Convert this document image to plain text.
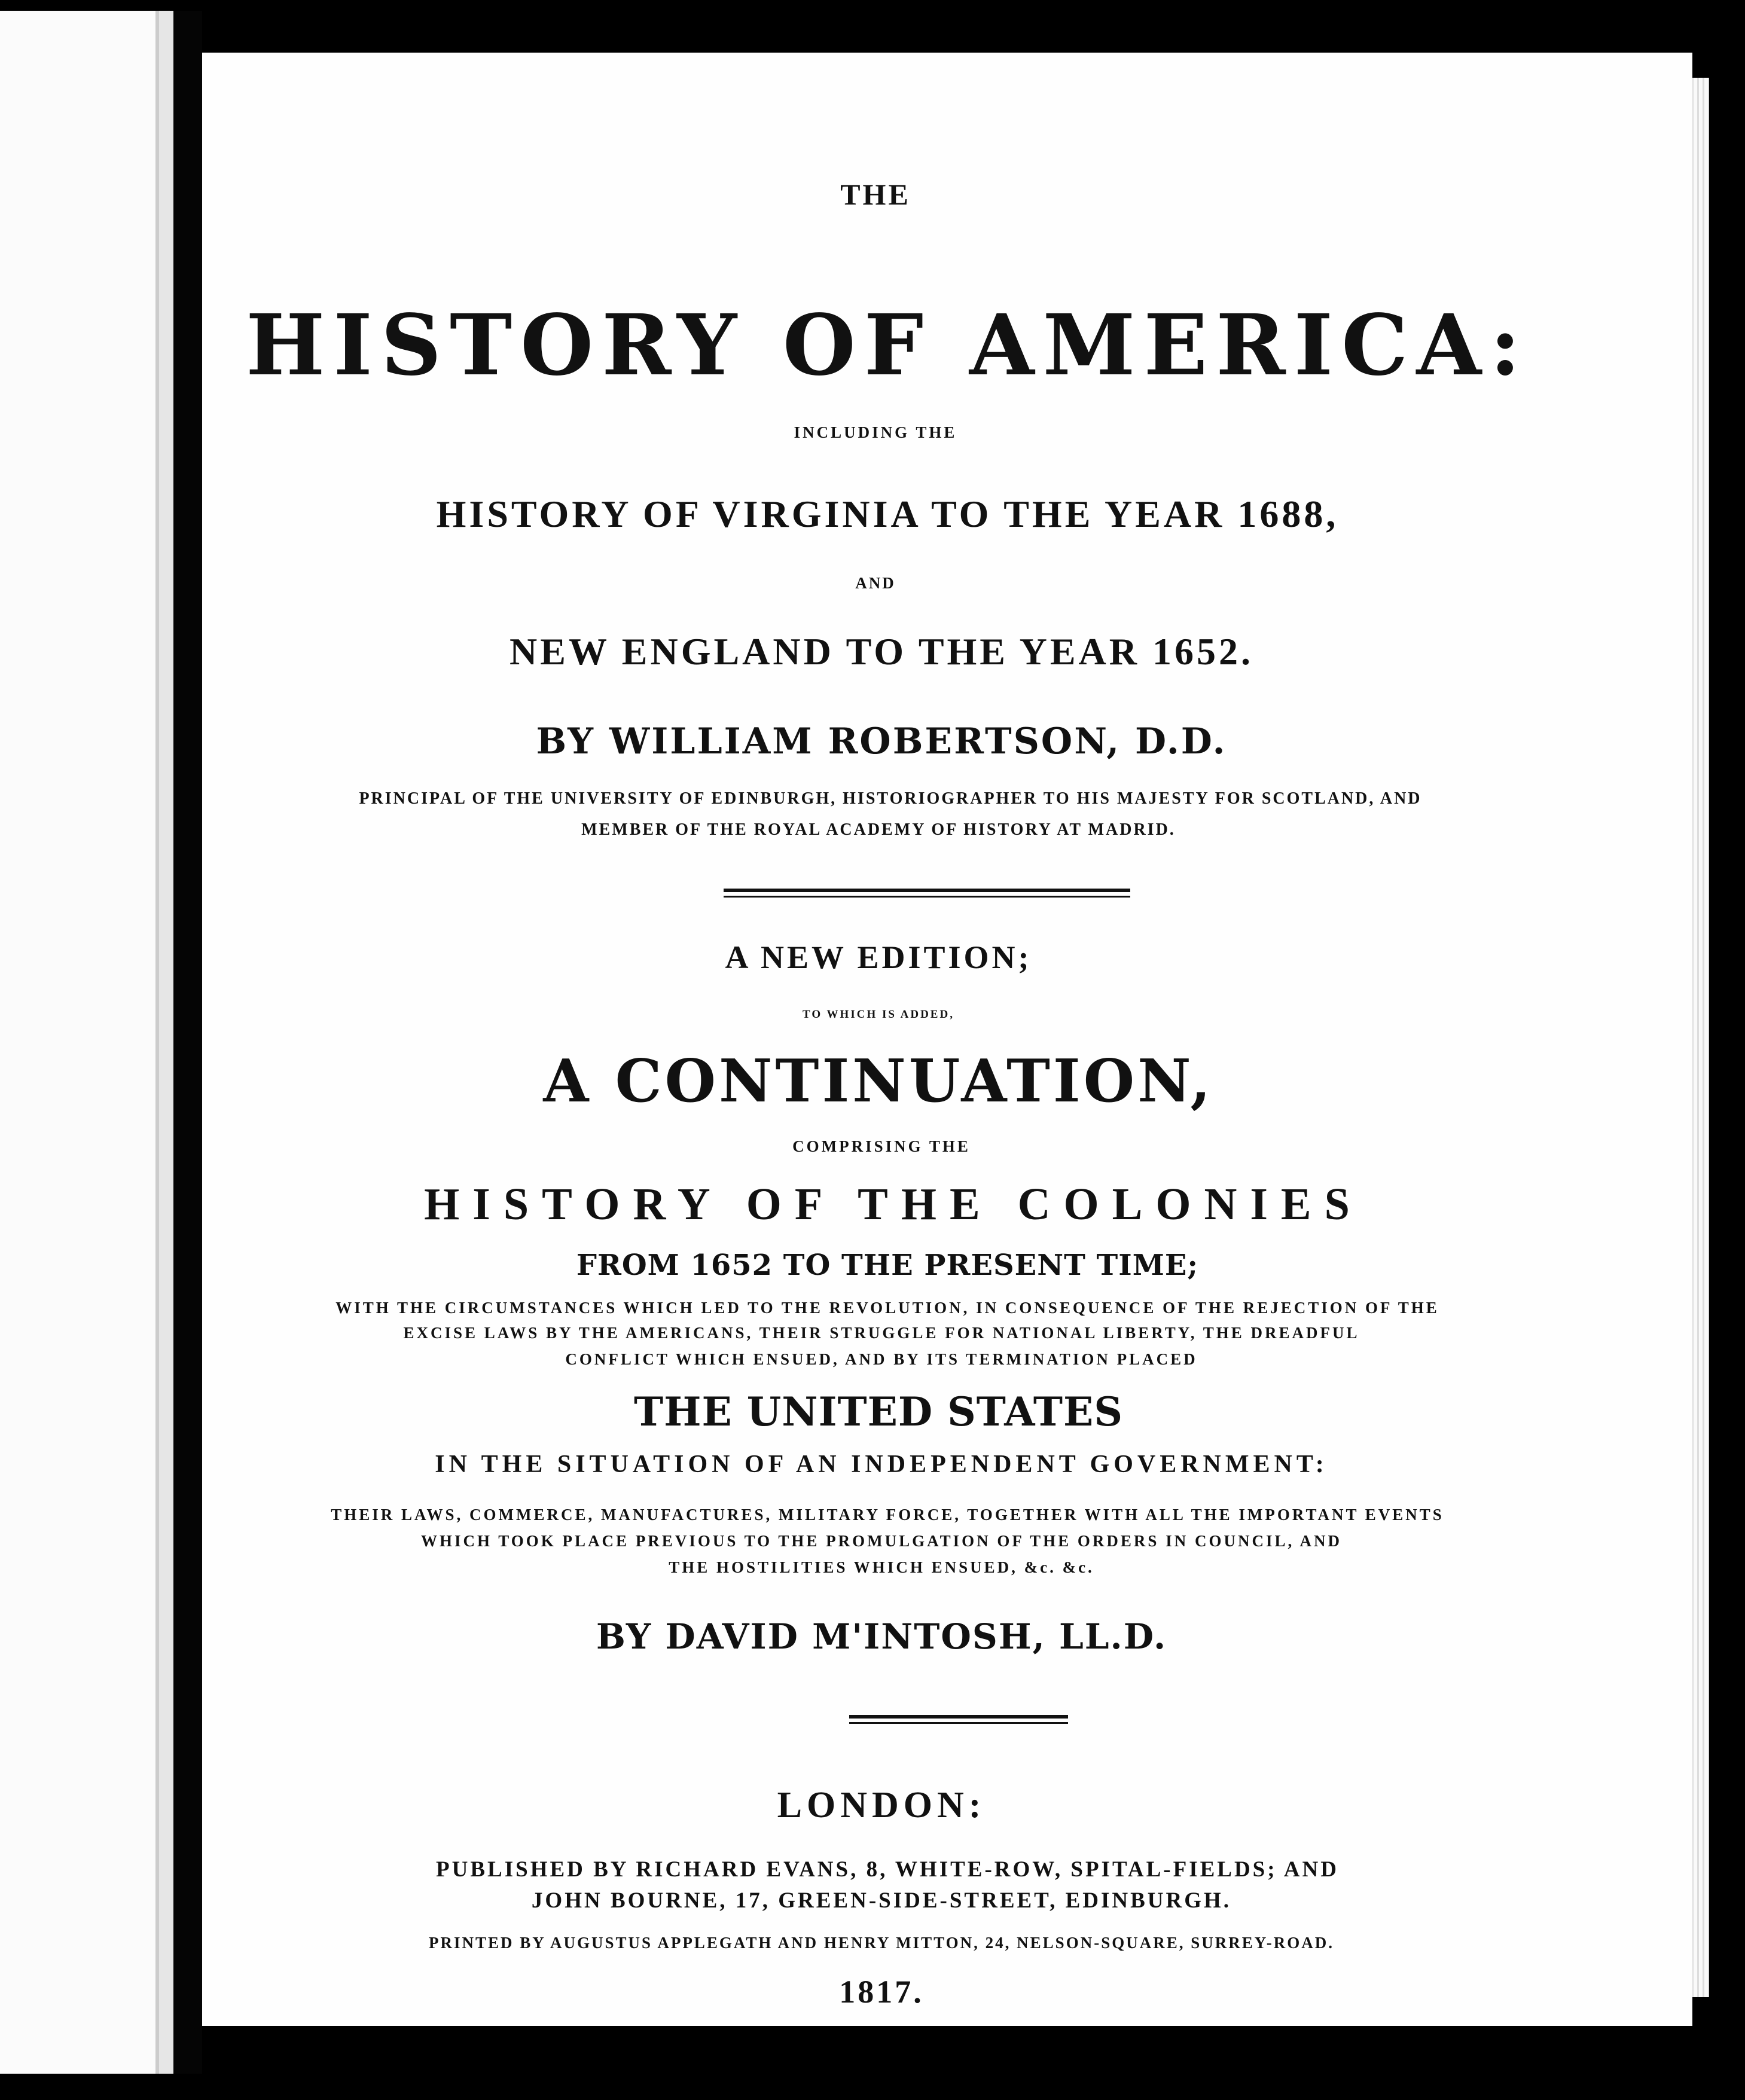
THE
HISTORY OF AMERICA:
INCLUDING THE
HISTORY OF VIRGINIA TO THE YEAR 1688,
AND
NEW ENGLAND TO THE YEAR 1652.
BY WILLIAM ROBERTSON, D.D.
PRINCIPAL OF THE UNIVERSITY OF EDINBURGH, HISTORIOGRAPHER TO HIS MAJESTY FOR SCOTLAND, AND
MEMBER OF THE ROYAL ACADEMY OF HISTORY AT MADRID.
A NEW EDITION;
TO WHICH IS ADDED,
A CONTINUATION,
COMPRISING THE
HISTORY OF THE COLONIES
FROM 1652 TO THE PRESENT TIME;
WITH THE CIRCUMSTANCES WHICH LED TO THE REVOLUTION, IN CONSEQUENCE OF THE REJECTION OF THE
EXCISE LAWS BY THE AMERICANS, THEIR STRUGGLE FOR NATIONAL LIBERTY, THE DREADFUL
CONFLICT WHICH ENSUED, AND BY ITS TERMINATION PLACED
THE UNITED STATES
IN THE SITUATION OF AN INDEPENDENT GOVERNMENT:
THEIR LAWS, COMMERCE, MANUFACTURES, MILITARY FORCE, TOGETHER WITH ALL THE IMPORTANT EVENTS
WHICH TOOK PLACE PREVIOUS TO THE PROMULGATION OF THE ORDERS IN COUNCIL, AND
THE HOSTILITIES WHICH ENSUED, &c. &c.
BY DAVID M'INTOSH, LL.D.
LONDON:
PUBLISHED BY RICHARD EVANS, 8, WHITE-ROW, SPITAL-FIELDS; AND
JOHN BOURNE, 17, GREEN-SIDE-STREET, EDINBURGH.
PRINTED BY AUGUSTUS APPLEGATH AND HENRY MITTON, 24, NELSON-SQUARE, SURREY-ROAD.
1817.
